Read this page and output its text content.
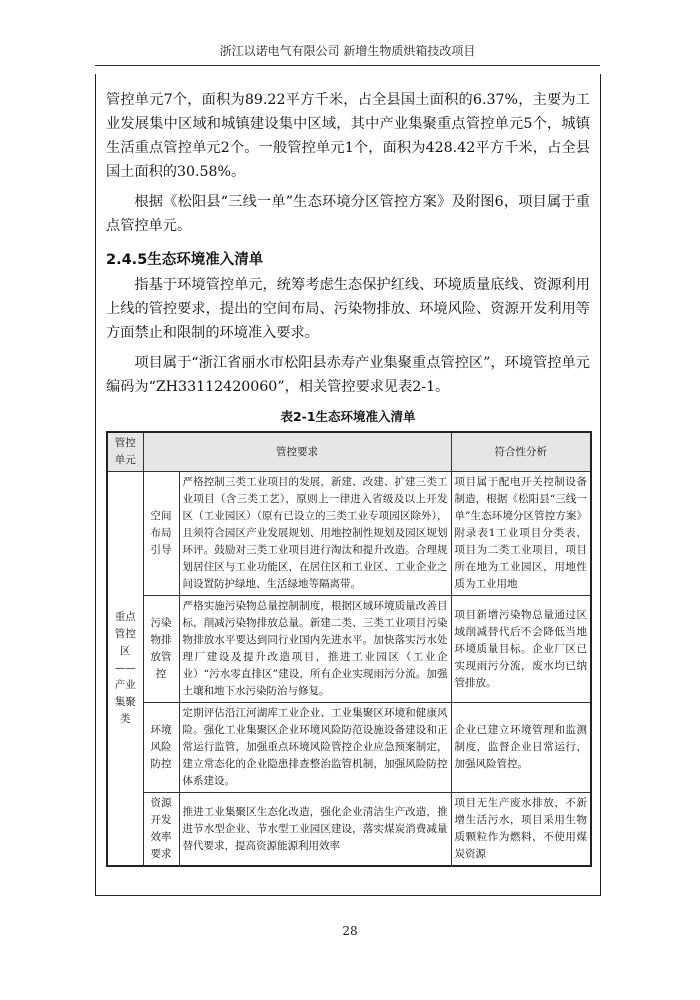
浙江以诺电气有限公司 新增生物质烘箱技改项目

管控单元7个，面积为89.22平方千米，占全县国土面积的6.37%，主要为工业发展集中区域和城镇建设集中区域，其中产业集聚重点管控单元5个，城镇生活重点管控单元2个。一般管控单元1个，面积为428.42平方千米，占全县国土面积的30.58%。

根据《松阳县“三线一单”生态环境分区管控方案》及附图6，项目属于重点管控单元。

2.4.5生态环境准入清单

指基于环境管控单元，统筹考虑生态保护红线、环境质量底线、资源利用上线的管控要求，提出的空间布局、污染物排放、环境风险、资源开发利用等方面禁止和限制的环境准入要求。

项目属于“浙江省丽水市松阳县赤寿产业集聚重点管控区”，环境管控单元编码为“ZH33112420060”，相关管控要求见表2-1。

表2-1生态环境准入清单
管控单元	管控要求		符合性分析
重点管控区——产业集聚类	空间布局引导	严格控制三类工业项目的发展，新建、改建、扩建三类工业项目（含三类工艺），原则上一律进入省级及以上开发区（工业园区）（原有已设立的三类工业专项园区除外），且须符合园区产业发展规划、用地控制性规划及园区规划环评。鼓励对三类工业项目进行淘汰和提升改造。合理规划居住区与工业功能区，在居住区和工业区、工业企业之间设置防护绿地、生活绿地等隔离带。	项目属于配电开关控制设备制造，根据《松阳县“三线一单”生态环境分区管控方案》附录表1工业项目分类表，项目为二类工业项目，项目所在地为工业园区，用地性质为工业用地
	污染物排放管控	严格实施污染物总量控制制度，根据区域环境质量改善目标，削减污染物排放总量。新建二类、三类工业项目污染物排放水平要达到同行业国内先进水平。加快落实污水处理厂建设及提升改造项目，推进工业园区（工业企业）“污水零直排区”建设，所有企业实现雨污分流。加强土壤和地下水污染防治与修复。	项目新增污染物总量通过区域削减替代后不会降低当地环境质量目标。企业厂区已实现雨污分流，废水均已纳管排放。
	环境风险防控	定期评估沿江河湖库工业企业、工业集聚区环境和健康风险。强化工业集聚区企业环境风险防范设施设备建设和正常运行监管，加强重点环境风险管控企业应急预案制定，建立常态化的企业隐患排查整治监管机制，加强风险防控体系建设。	企业已建立环境管理和监测制度，监督企业日常运行，加强风险管控。
	资源开发效率要求	推进工业集聚区生态化改造，强化企业清洁生产改造，推进节水型企业、节水型工业园区建设，落实煤炭消费减量替代要求，提高资源能源利用效率	项目无生产废水排放，不新增生活污水，项目采用生物质颗粒作为燃料，不使用煤炭资源
28
